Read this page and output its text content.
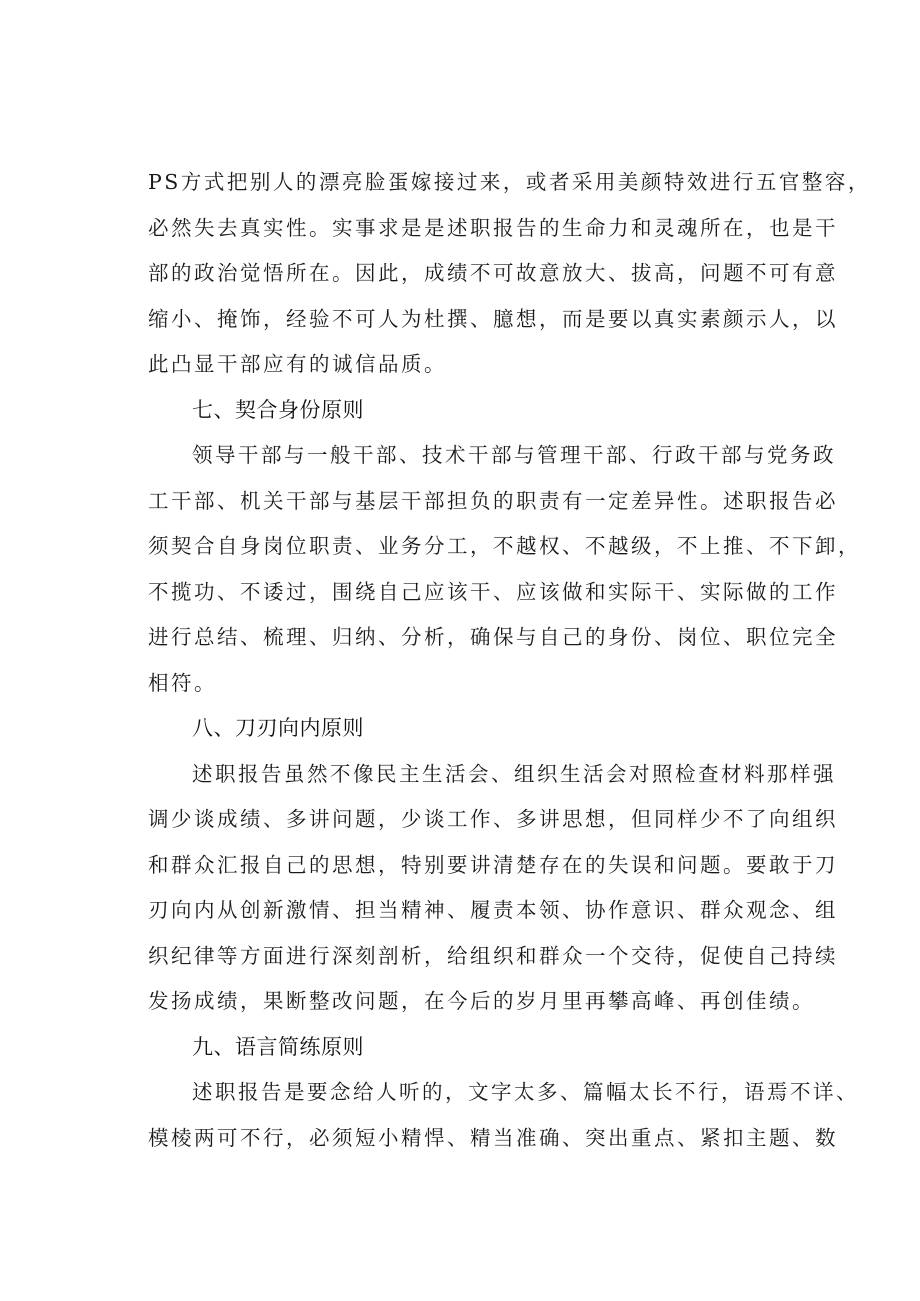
PS方式把别人的漂亮脸蛋嫁接过来，或者采用美颜特效进行五官整容，
必然失去真实性。实事求是是述职报告的生命力和灵魂所在，也是干
部的政治觉悟所在。因此，成绩不可故意放大、拔高，问题不可有意
缩小、掩饰，经验不可人为杜撰、臆想，而是要以真实素颜示人，以
此凸显干部应有的诚信品质。
七、契合身份原则
领导干部与一般干部、技术干部与管理干部、行政干部与党务政
工干部、机关干部与基层干部担负的职责有一定差异性。述职报告必
须契合自身岗位职责、业务分工，不越权、不越级，不上推、不下卸，
不揽功、不诿过，围绕自己应该干、应该做和实际干、实际做的工作
进行总结、梳理、归纳、分析，确保与自己的身份、岗位、职位完全
相符。
八、刀刃向内原则
述职报告虽然不像民主生活会、组织生活会对照检查材料那样强
调少谈成绩、多讲问题，少谈工作、多讲思想，但同样少不了向组织
和群众汇报自己的思想，特别要讲清楚存在的失误和问题。要敢于刀
刃向内从创新激情、担当精神、履责本领、协作意识、群众观念、组
织纪律等方面进行深刻剖析，给组织和群众一个交待，促使自己持续
发扬成绩，果断整改问题，在今后的岁月里再攀高峰、再创佳绩。
九、语言简练原则
述职报告是要念给人听的，文字太多、篇幅太长不行，语焉不详、
模棱两可不行，必须短小精悍、精当准确、突出重点、紧扣主题、数
